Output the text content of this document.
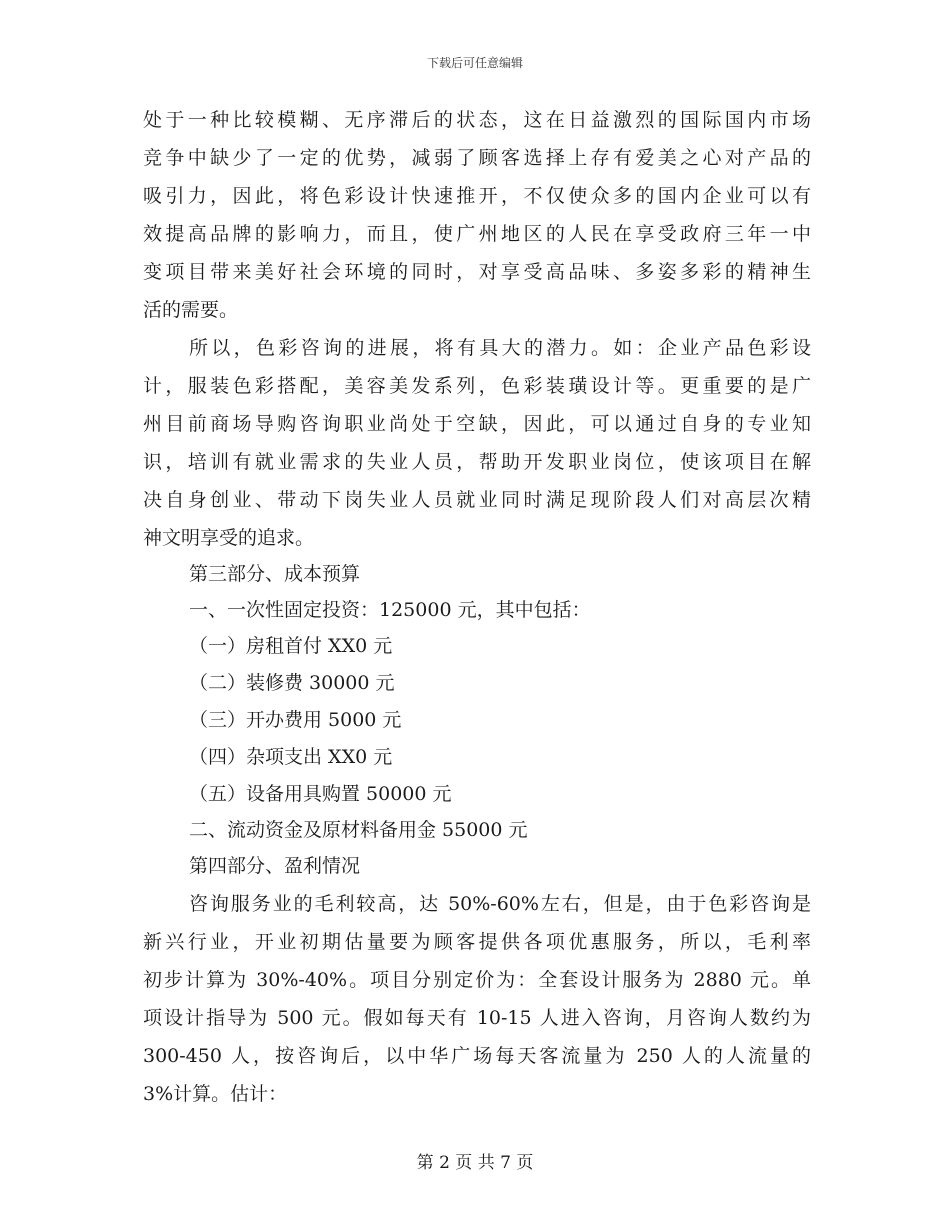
下载后可任意编辑
处于一种比较模糊、无序滞后的状态，这在日益激烈的国际国内市场
竞争中缺少了一定的优势，减弱了顾客选择上存有爱美之心对产品的
吸引力，因此，将色彩设计快速推开，不仅使众多的国内企业可以有
效提高品牌的影响力，而且，使广州地区的人民在享受政府三年一中
变项目带来美好社会环境的同时，对享受高品味、多姿多彩的精神生
活的需要。
所以，色彩咨询的进展，将有具大的潜力。如：企业产品色彩设
计，服装色彩搭配，美容美发系列，色彩装璜设计等。更重要的是广
州目前商场导购咨询职业尚处于空缺，因此，可以通过自身的专业知
识，培训有就业需求的失业人员，帮助开发职业岗位，使该项目在解
决自身创业、带动下岗失业人员就业同时满足现阶段人们对高层次精
神文明享受的追求。
第三部分、成本预算
一、一次性固定投资：125000 元，其中包括：
（一）房租首付 XX0 元
（二）装修费 30000 元
（三）开办费用 5000 元
（四）杂项支出 XX0 元
（五）设备用具购置 50000 元
二、流动资金及原材料备用金 55000 元
第四部分、盈利情况
咨询服务业的毛利较高，达 50%-60%左右，但是，由于色彩咨询是
新兴行业，开业初期估量要为顾客提供各项优惠服务，所以，毛利率
初步计算为 30%-40%。项目分别定价为：全套设计服务为 2880 元。单
项设计指导为 500 元。假如每天有 10-15 人进入咨询，月咨询人数约为
300-450 人，按咨询后，以中华广场每天客流量为 250 人的人流量的
3%计算。估计：
第 2 页 共 7 页
